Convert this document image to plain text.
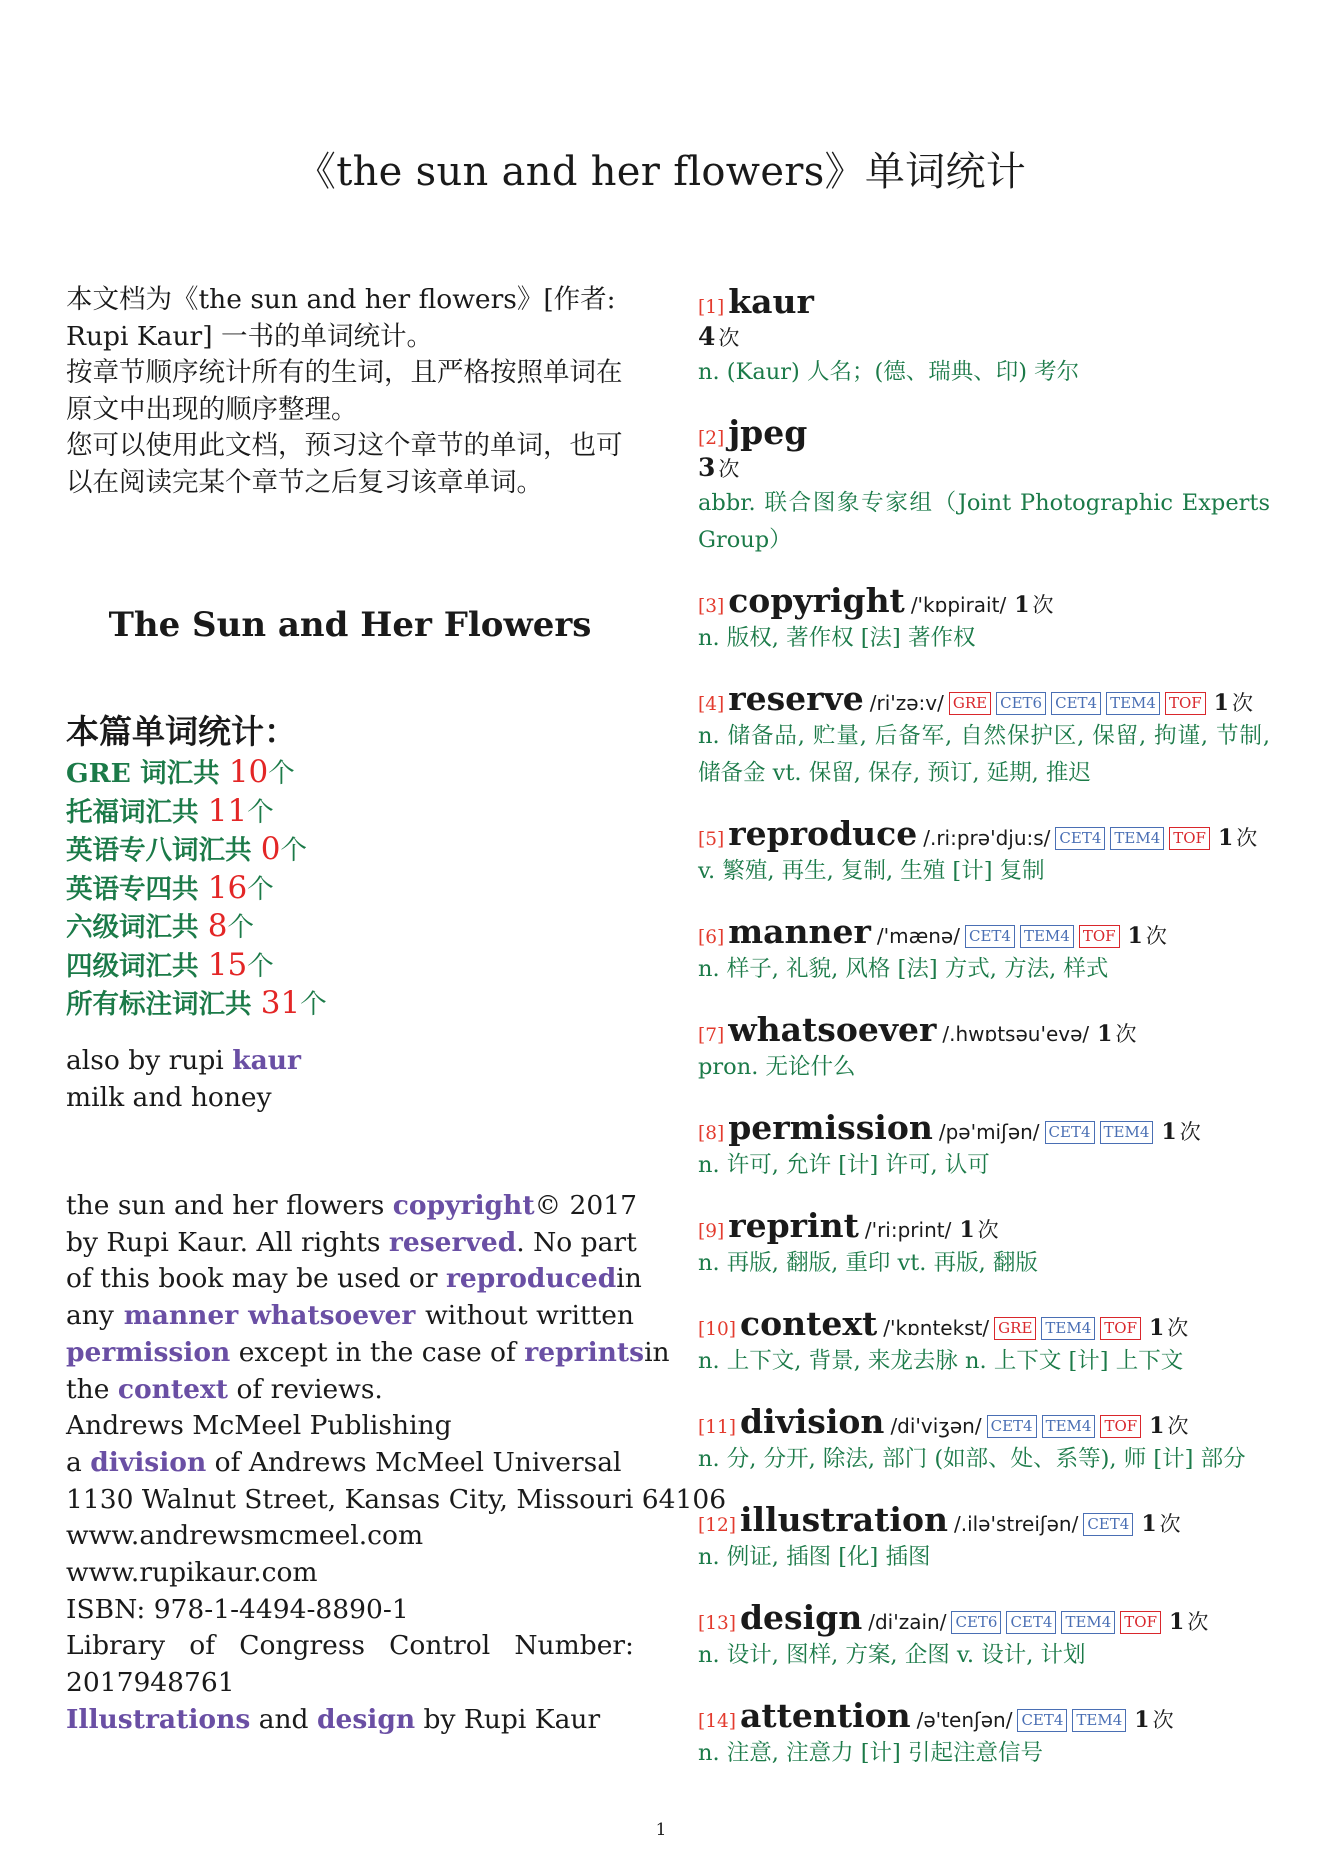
《the sun and her flowers》单词统计

本文档为《the sun and her flowers》[作者: Rupi Kaur] 一书的单词统计。

按章节顺序统计所有的生词，且严格按照单词在原文中出现的顺序整理。

您可以使用此文档，预习这个章节的单词，也可以在阅读完某个章节之后复习该章单词。

The Sun and Her Flowers
本篇单词统计：
GRE 词汇共 10个
托福词汇共 11个
英语专八词汇共 0个
英语专四共 16个
六级词汇共 8个
四级词汇共 15个
所有标注词汇共 31个
also by rupi kaur
milk and honey
the sun and her flowers copyright © 2017
by Rupi Kaur. All rights reserved. No part
of this book may be used or reproduced in
any manner whatsoever without written
permission except in the case of reprints in
the context of reviews.
Andrews McMeel Publishing
a division of Andrews McMeel Universal
1130 Walnut Street, Kansas City, Missouri 64106
www.andrewsmcmeel.com
www.rupikaur.com
ISBN: 978-1-4494-8890-1
Library of Congress Control Number:
2017948761
Illustrations and design by Rupi Kaur
[1] kaur
4 次
n. (Kaur) 人名；(德、瑞典、印) 考尔
[2] jpeg
3 次
abbr. 联合图象专家组（Joint Photographic Experts Group）
[3] copyright /'kɒpirait/ 1 次
n. 版权, 著作权 [法] 著作权
[4] reserve /ri'zə:v/ GRE CET6 CET4 TEM4 TOF 1 次
n. 储备品, 贮量, 后备军, 自然保护区, 保留, 拘谨, 节制, 储备金 vt. 保留, 保存, 预订, 延期, 推迟
[5] reproduce /.ri:prə'dju:s/ CET4 TEM4 TOF 1 次
v. 繁殖, 再生, 复制, 生殖 [计] 复制
[6] manner /'mænə/ CET4 TEM4 TOF 1 次
n. 样子, 礼貌, 风格 [法] 方式, 方法, 样式
[7] whatsoever /.hwɒtsəu'evə/ 1 次
pron. 无论什么
[8] permission /pə'miʃən/ CET4 TEM4 1 次
n. 许可, 允许 [计] 许可, 认可
[9] reprint /'ri:print/ 1 次
n. 再版, 翻版, 重印 vt. 再版, 翻版
[10] context /'kɒntekst/ GRE TEM4 TOF 1 次
n. 上下文, 背景, 来龙去脉 n. 上下文 [计] 上下文
[11] division /di'viʒən/ CET4 TEM4 TOF 1 次
n. 分, 分开, 除法, 部门 (如部、处、系等), 师 [计] 部分
[12] illustration /.ilə'streiʃən/ CET4 1 次
n. 例证, 插图 [化] 插图
[13] design /di'zain/ CET6 CET4 TEM4 TOF 1 次
n. 设计, 图样, 方案, 企图 v. 设计, 计划
[14] attention /ə'tenʃən/ CET4 TEM4 1 次
n. 注意, 注意力 [计] 引起注意信号
1
